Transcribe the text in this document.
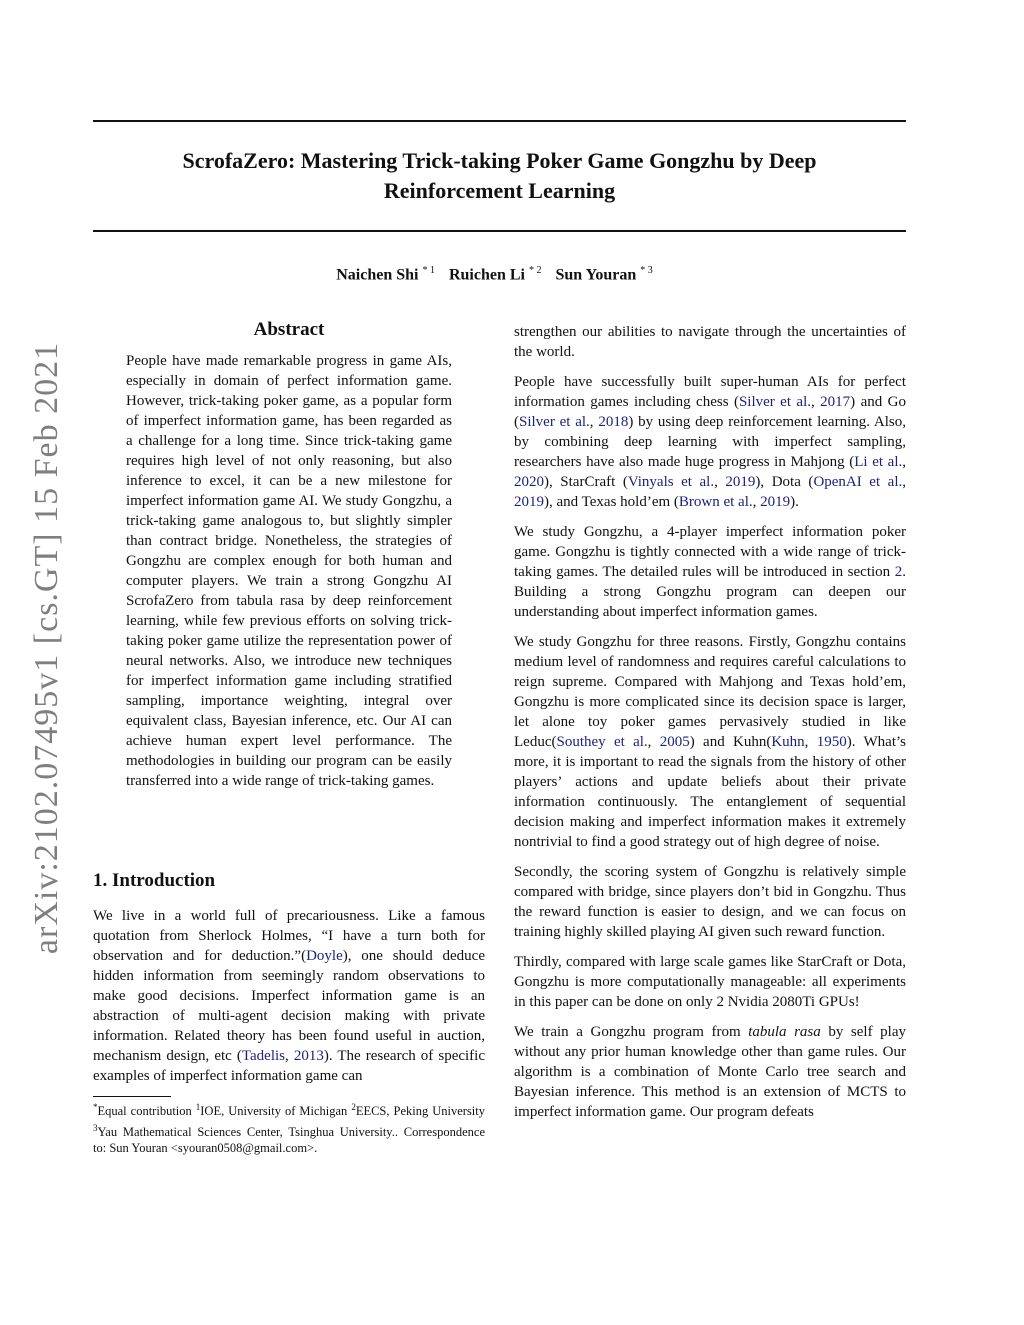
arXiv:2102.07495v1 [cs.GT] 15 Feb 2021
ScrofaZero: Mastering Trick-taking Poker Game Gongzhu by Deep
Reinforcement Learning
Naichen Shi $^{* 1}$ Ruichen Li $^{* 2}$ Sun Youran $^{* 3}$
Abstract

People have made remarkable progress in game AIs, especially in domain of perfect information game. However, trick-taking poker game, as a popular form of imperfect information game, has been regarded as a challenge for a long time. Since trick-taking game requires high level of not only reasoning, but also inference to excel, it can be a new milestone for imperfect information game AI. We study Gongzhu, a trick-taking game analogous to, but slightly simpler than contract bridge. Nonetheless, the strategies of Gongzhu are complex enough for both human and computer players. We train a strong Gongzhu AI ScrofaZero from tabula rasa by deep reinforcement learning, while few previous efforts on solving trick-taking poker game utilize the representation power of neural networks. Also, we introduce new techniques for imperfect information game including stratified sampling, importance weighting, integral over equivalent class, Bayesian inference, etc. Our AI can achieve human expert level performance. The methodologies in building our program can be easily transferred into a wide range of trick-taking games.

1. Introduction

We live in a world full of precariousness. Like a famous quotation from Sherlock Holmes, “I have a turn both for observation and for deduction.”(Doyle), one should deduce hidden information from seemingly random observations to make good decisions. Imperfect information game is an abstraction of multi-agent decision making with private information. Related theory has been found useful in auction, mechanism design, etc (Tadelis, 2013). The research of specific examples of imperfect information game can

*Equal contribution $^1$IOE, University of Michigan $^2$EECS, Peking University $^3$Yau Mathematical Sciences Center, Tsinghua University.. Correspondence to: Sun Youran <syouran0508@gmail.com>.

strengthen our abilities to navigate through the uncertainties of the world.

People have successfully built super-human AIs for perfect information games including chess (Silver et al., 2017) and Go (Silver et al., 2018) by using deep reinforcement learning. Also, by combining deep learning with imperfect sampling, researchers have also made huge progress in Mahjong (Li et al., 2020), StarCraft (Vinyals et al., 2019), Dota (OpenAI et al., 2019), and Texas hold’em (Brown et al., 2019).

We study Gongzhu, a 4-player imperfect information poker game. Gongzhu is tightly connected with a wide range of trick-taking games. The detailed rules will be introduced in section 2. Building a strong Gongzhu program can deepen our understanding about imperfect information games.

We study Gongzhu for three reasons. Firstly, Gongzhu contains medium level of randomness and requires careful calculations to reign supreme. Compared with Mahjong and Texas hold’em, Gongzhu is more complicated since its decision space is larger, let alone toy poker games pervasively studied in like Leduc(Southey et al., 2005) and Kuhn(Kuhn, 1950). What’s more, it is important to read the signals from the history of other players’ actions and update beliefs about their private information continuously. The entanglement of sequential decision making and imperfect information makes it extremely nontrivial to find a good strategy out of high degree of noise.

Secondly, the scoring system of Gongzhu is relatively simple compared with bridge, since players don’t bid in Gongzhu. Thus the reward function is easier to design, and we can focus on training highly skilled playing AI given such reward function.

Thirdly, compared with large scale games like StarCraft or Dota, Gongzhu is more computationally manageable: all experiments in this paper can be done on only 2 Nvidia 2080Ti GPUs!

We train a Gongzhu program from tabula rasa by self play without any prior human knowledge other than game rules. Our algorithm is a combination of Monte Carlo tree search and Bayesian inference. This method is an extension of MCTS to imperfect information game. Our program defeats
